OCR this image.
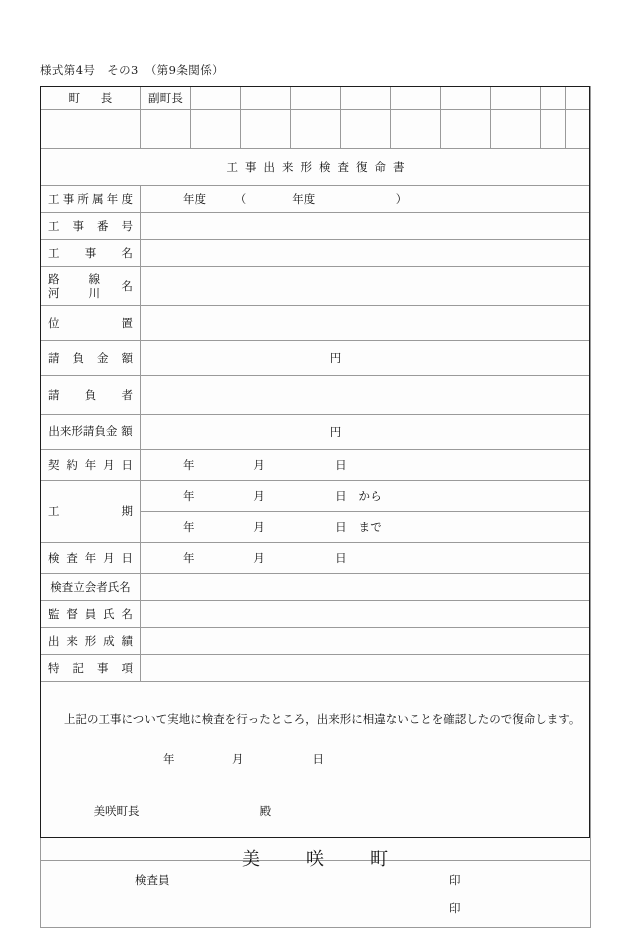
様式第4号　その3　（第9条関係）
町　長	副町長									

工事出来形検査復命書										

工事所属年度	年度　　　（　　　　年度　　　　　　　）									

工事番号										

工事名										

路　線
河　川
名										

位　　　置										

請負金額	円									

請負者										

出来形請負金 額	円									

契約年月日	年　　　　　月　　　　　　日									

工　　　期	年　　　　　月　　　　　　日　から									

	年　　　　　月　　　　　　日　まで									

検査年月日	年　　　　　月　　　　　　日									

検査立会者氏名										

監督員氏名										

出来形成績										

特記事項										

上記の工事について実地に検査を行ったところ，出来形に相違ないことを確認したので復命します。

年　　　　　月　　　　　　日

美咲町長 殿										

検査員 印
印										
美　咲　町
